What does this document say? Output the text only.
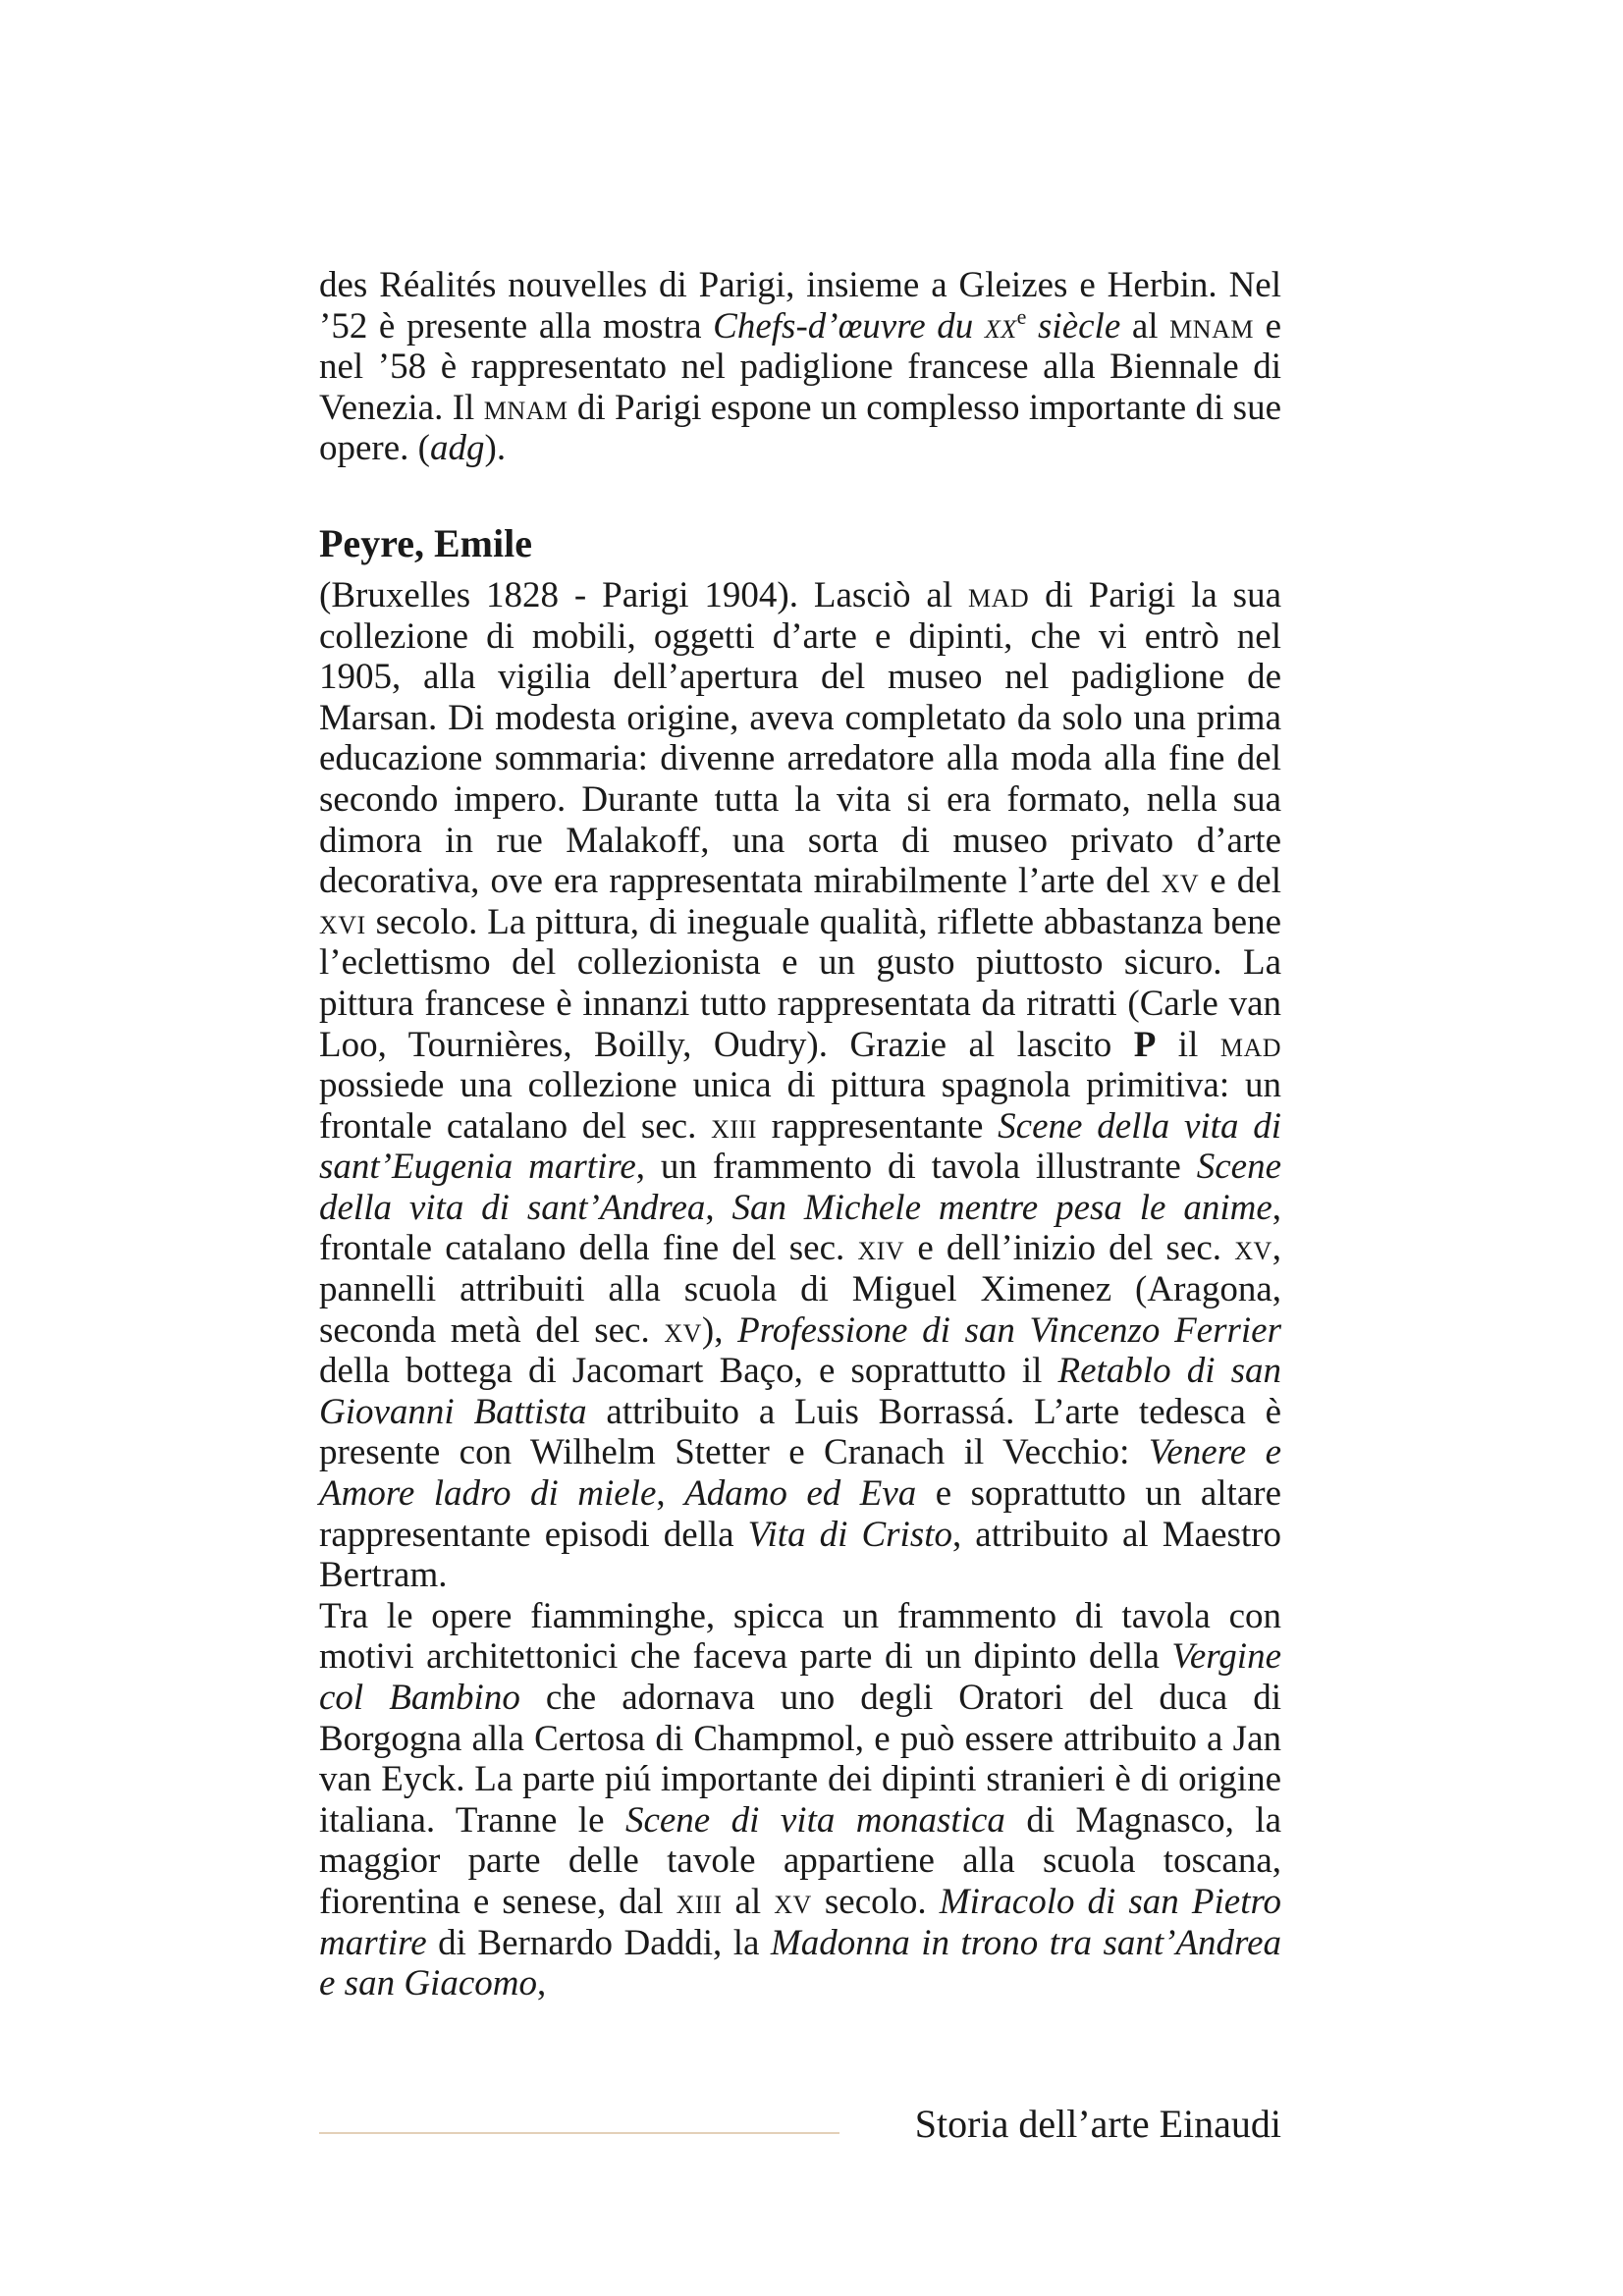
des Réalités nouvelles di Parigi, insieme a Gleizes e Herbin. Nel ’52 è presente alla mostra Chefs-d’œuvre du $xx^e$ siècle al mnam e nel ’58 è rappresentato nel padiglione francese alla Biennale di Venezia. Il mnam di Parigi espone un complesso importante di sue opere. (adg).

Peyre, Emile

(Bruxelles 1828 - Parigi 1904). Lasciò al mad di Parigi la sua collezione di mobili, oggetti d’arte e dipinti, che vi entrò nel 1905, alla vigilia dell’apertura del museo nel padiglione de Marsan. Di modesta origine, aveva completato da solo una prima educazione sommaria: divenne arredatore alla moda alla fine del secondo impero. Durante tutta la vita si era formato, nella sua dimora in rue Malakoff, una sorta di museo privato d’arte decorativa, ove era rappresentata mirabilmente l’arte del xv e del xvi secolo. La pittura, di ineguale qualità, riflette abbastanza bene l’eclettismo del collezionista e un gusto piuttosto sicuro. La pittura francese è innanzi tutto rappresentata da ritratti (Carle van Loo, Tournières, Boilly, Oudry). Grazie al lascito P il mad possiede una collezione unica di pittura spagnola primitiva: un frontale catalano del sec. xiii rappresentante Scene della vita di sant’Eugenia martire, un frammento di tavola illustrante Scene della vita di sant’Andrea, San Michele mentre pesa le anime, frontale catalano della fine del sec. xiv e dell’inizio del sec. xv, pannelli attribuiti alla scuola di Miguel Ximenez (Aragona, seconda metà del sec. xv), Professione di san Vincenzo Ferrier della bottega di Jacomart Baço, e soprattutto il Retablo di san Giovanni Battista attribuito a Luis Borrassá. L’arte tedesca è presente con Wilhelm Stetter e Cranach il Vecchio: Venere e Amore ladro di miele, Adamo ed Eva e soprattutto un altare rappresentante episodi della Vita di Cristo, attribuito al Maestro Bertram.

Tra le opere fiamminghe, spicca un frammento di tavola con motivi architettonici che faceva parte di un dipinto della Vergine col Bambino che adornava uno degli Oratori del duca di Borgogna alla Certosa di Champmol, e può essere attribuito a Jan van Eyck. La parte piú importante dei dipinti stranieri è di origine italiana. Tranne le Scene di vita monastica di Magnasco, la maggior parte delle tavole appartiene alla scuola toscana, fiorentina e senese, dal xiii al xv secolo. Miracolo di san Pietro martire di Bernardo Daddi, la Madonna in trono tra sant’Andrea e san Giacomo,

Storia dell’arte Einaudi
